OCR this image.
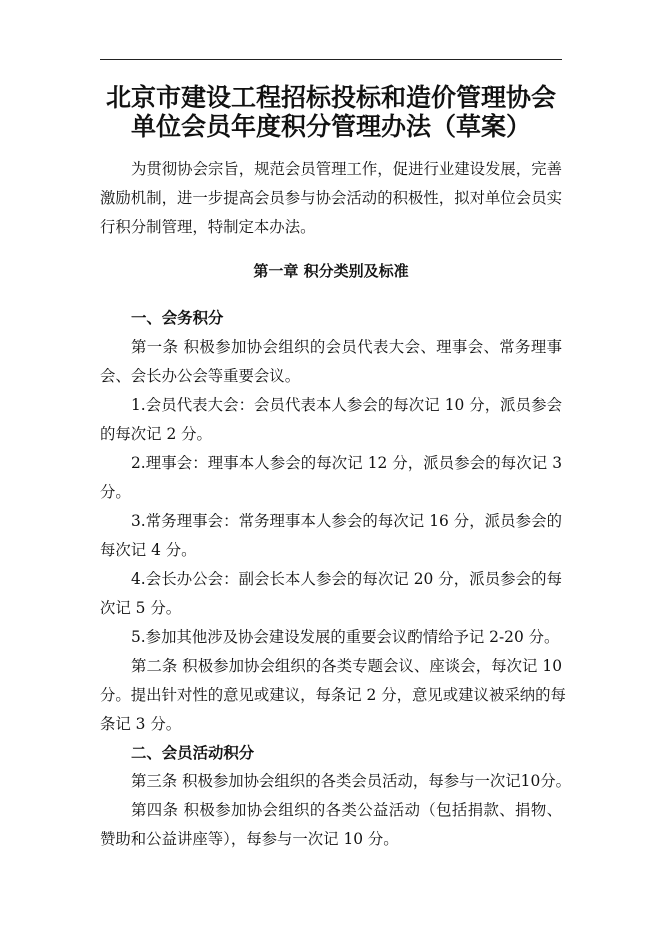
北京市建设工程招标投标和造价管理协会
单位会员年度积分管理办法（草案）
为贯彻协会宗旨，规范会员管理工作，促进行业建设发展，完善
激励机制，进一步提高会员参与协会活动的积极性，拟对单位会员实
行积分制管理，特制定本办法。
第一章 积分类别及标准
一、会务积分
第一条 积极参加协会组织的会员代表大会、理事会、常务理事
会、会长办公会等重要会议。
1.会员代表大会：会员代表本人参会的每次记 10 分，派员参会
的每次记 2 分。
2.理事会：理事本人参会的每次记 12 分，派员参会的每次记 3
分。
3.常务理事会：常务理事本人参会的每次记 16 分，派员参会的
每次记 4 分。
4.会长办公会：副会长本人参会的每次记 20 分，派员参会的每
次记 5 分。
5.参加其他涉及协会建设发展的重要会议酌情给予记 2-20 分。
第二条 积极参加协会组织的各类专题会议、座谈会，每次记 10
分。提出针对性的意见或建议，每条记 2 分，意见或建议被采纳的每
条记 3 分。
二、会员活动积分
第三条 积极参加协会组织的各类会员活动，每参与一次记10分。
第四条 积极参加协会组织的各类公益活动（包括捐款、捐物、
赞助和公益讲座等），每参与一次记 10 分。
